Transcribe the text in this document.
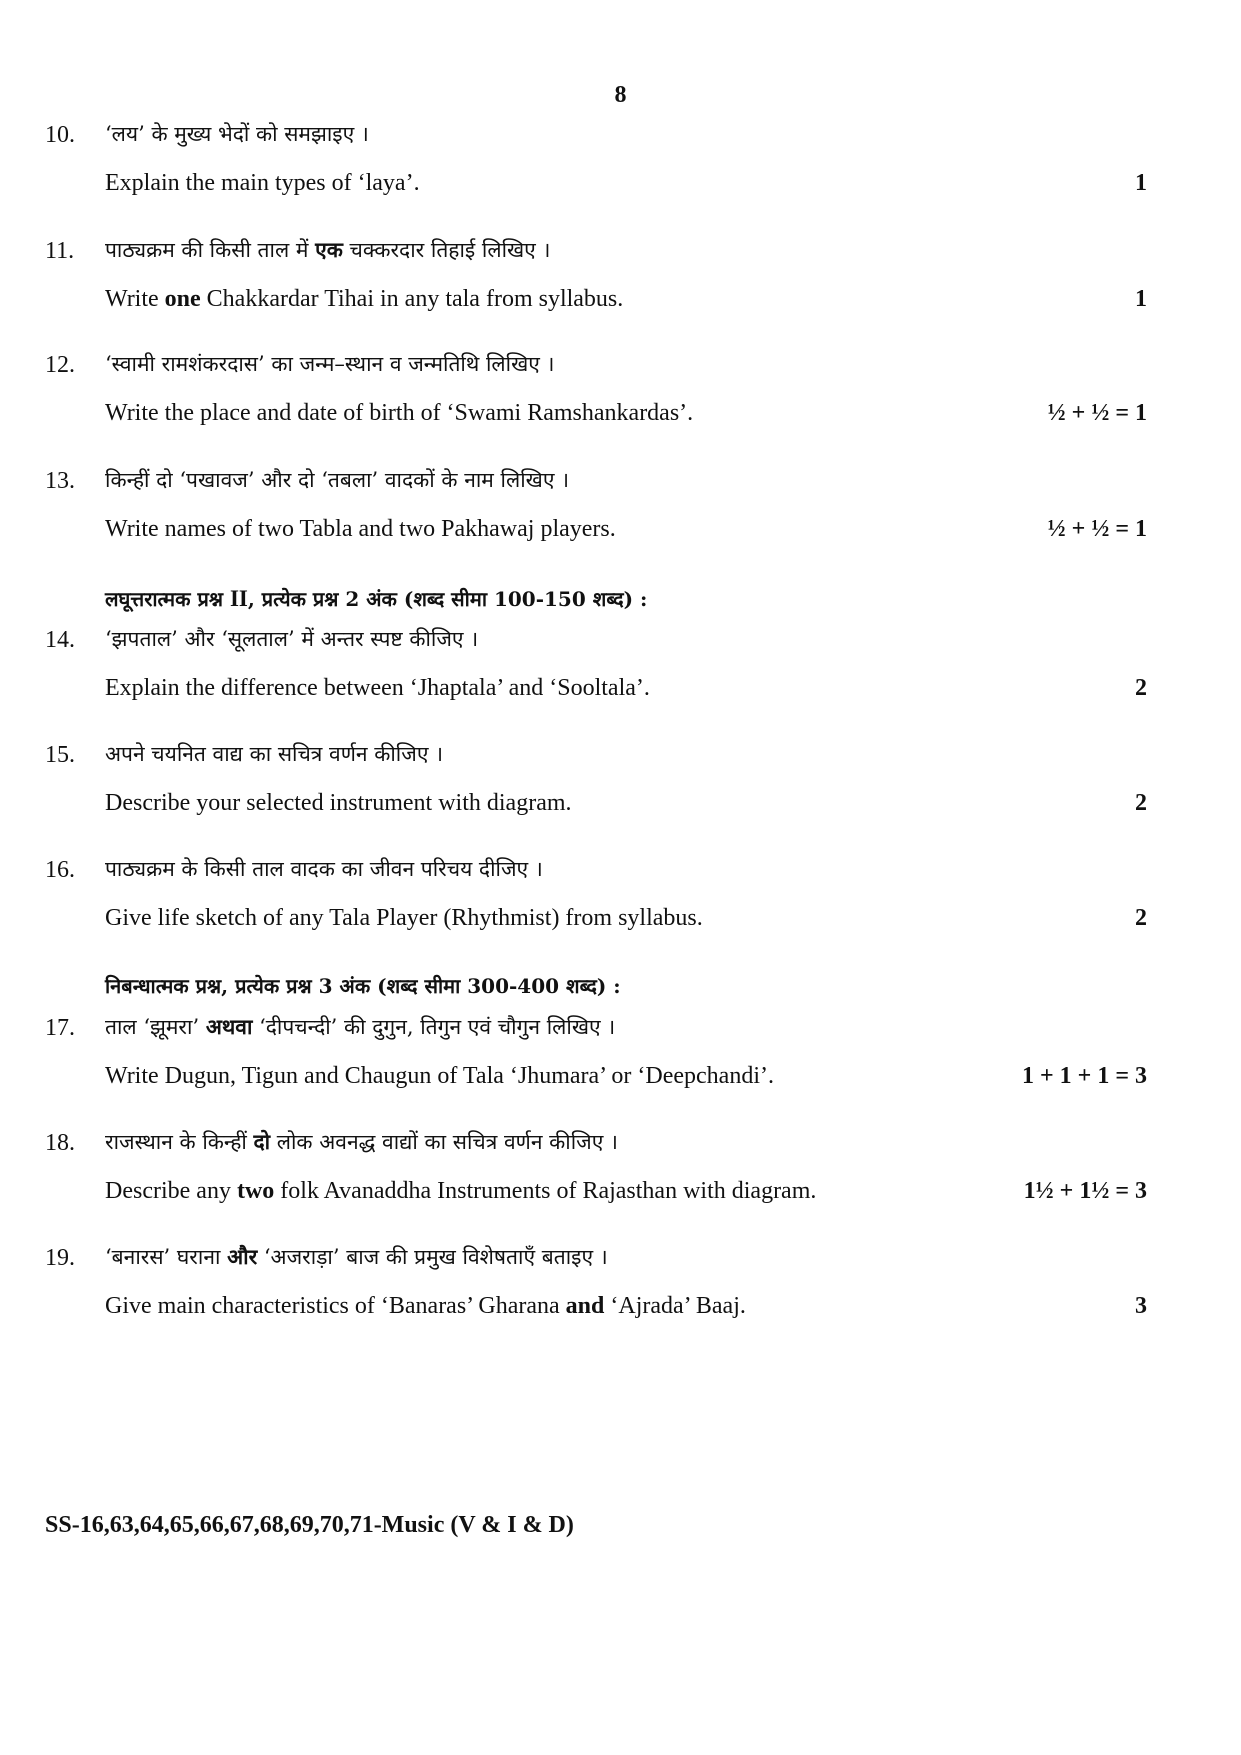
8
10. ‘लय’ के मुख्य भेदों को समझाइए ।
Explain the main types of ‘laya’.	1
11. पाठ्यक्रम की किसी ताल में एक चक्करदार तिहाई लिखिए ।
Write one Chakkardar Tihai in any tala from syllabus.	1
12. ‘स्वामी रामशंकरदास’ का जन्म–स्थान व जन्मतिथि लिखिए ।
Write the place and date of birth of ‘Swami Ramshankardas’.	½ + ½ = 1
13. किन्हीं दो ‘पखावज’ और दो ‘तबला’ वादकों के नाम लिखिए ।
Write names of two Tabla and two Pakhawaj players.	½ + ½ = 1
लघूत्तरात्मक प्रश्न II, प्रत्येक प्रश्न 2 अंक (शब्द सीमा 100-150 शब्द) :
14. ‘झपताल’ और ‘सूलताल’ में अन्तर स्पष्ट कीजिए ।
Explain the difference between ‘Jhaptala’ and ‘Sooltala’.	2
15. अपने चयनित वाद्य का सचित्र वर्णन कीजिए ।
Describe your selected instrument with diagram.	2
16. पाठ्यक्रम के किसी ताल वादक का जीवन परिचय दीजिए ।
Give life sketch of any Tala Player (Rhythmist) from syllabus.	2
निबन्धात्मक प्रश्न, प्रत्येक प्रश्न 3 अंक (शब्द सीमा 300-400 शब्द) :
17. ताल ‘झूमरा’ अथवा ‘दीपचन्दी’ की दुगुन, तिगुन एवं चौगुन लिखिए ।
Write Dugun, Tigun and Chaugun of Tala ‘Jhumara’ or ‘Deepchandi’.	1 + 1 + 1 = 3
18. राजस्थान के किन्हीं दो लोक अवनद्ध वाद्यों का सचित्र वर्णन कीजिए ।
Describe any two folk Avanaddha Instruments of Rajasthan with diagram.	1½ + 1½ = 3
19. ‘बनारस’ घराना और ‘अजराड़ा’ बाज की प्रमुख विशेषताएँ बताइए ।
Give main characteristics of ‘Banaras’ Gharana and ‘Ajrada’ Baaj.	3
SS-16,63,64,65,66,67,68,69,70,71-Music (V & I & D)
